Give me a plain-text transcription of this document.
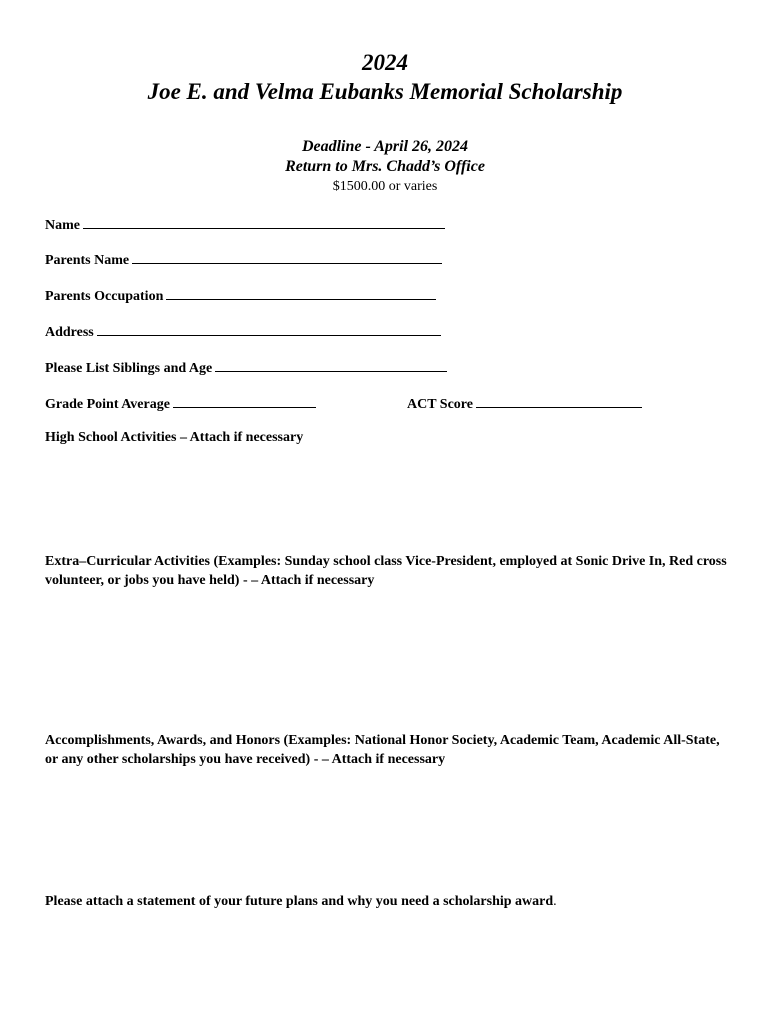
2024
Joe E. and Velma Eubanks Memorial Scholarship
Deadline - April 26, 2024
Return to Mrs. Chadd’s Office
$1500.00 or varies
Name
Parents Name
Parents Occupation
Address
Please List Siblings and Age
Grade Point Average	ACT Score
High School Activities – Attach if necessary
Extra–Curricular Activities (Examples: Sunday school class Vice-President, employed at Sonic Drive In, Red cross volunteer, or jobs you have held) - – Attach if necessary
Accomplishments, Awards, and Honors (Examples: National Honor Society, Academic Team, Academic All-State, or any other scholarships you have received) - – Attach if necessary
Please attach a statement of your future plans and why you need a scholarship award.
